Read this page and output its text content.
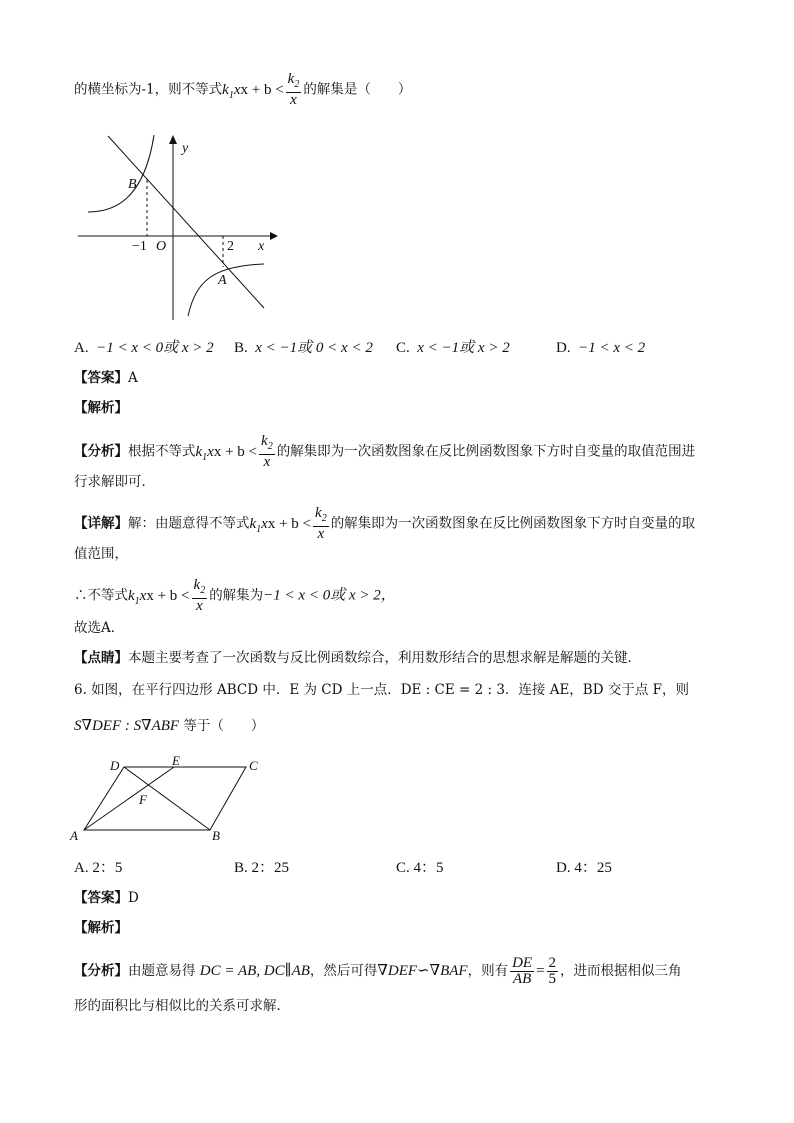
的横坐标为-1，则不等式$k_1xx + b < \frac{k_2}{x}$ 的解集是（　　）
y
x
O
B
A
−1	2
A. −1 < x < 0或 x > 2 B. x < −1或 0 < x < 2 C. x < −1或 x > 2	D. −1 < x < 2
【答案】A
【解析】
【分析】根据不等式$k_1xx + b < \frac{k_2}{x}$ 的解集即为一次函数图象在反比例函数图象下方时自变量的取值范围进
行求解即可．
【详解】解：由题意得不等式$k_1xx + b < \frac{k_2}{x}$ 的解集即为一次函数图象在反比例函数图象下方时自变量的取
值范围，
∴不等式$k_1xx + b < \frac{k_2}{x}$ 的解集为−1 < x < 0或 x > 2，
故选A．
【点睛】本题主要考查了一次函数与反比例函数综合，利用数形结合的思想求解是解题的关键．
6. 如图，在平行四边形 ABCD 中．E 为 CD 上一点．DE : CE = 2 : 3．连接 AE，BD 交于点 F，则
S∇DEF : S∇ABF 等于（　　）
D	E	C
F
A	B
A. 2：5	B. 2：25	C. 4：5	D. 4：25
【答案】D
【解析】
【分析】由题意易得 DC = AB, DC∥AB，然后可得∇DEF∽∇BAF，则有 $\frac{DE}{AB} = \frac{2}{5}$ ，进而根据相似三角
形的面积比与相似比的关系可求解．
